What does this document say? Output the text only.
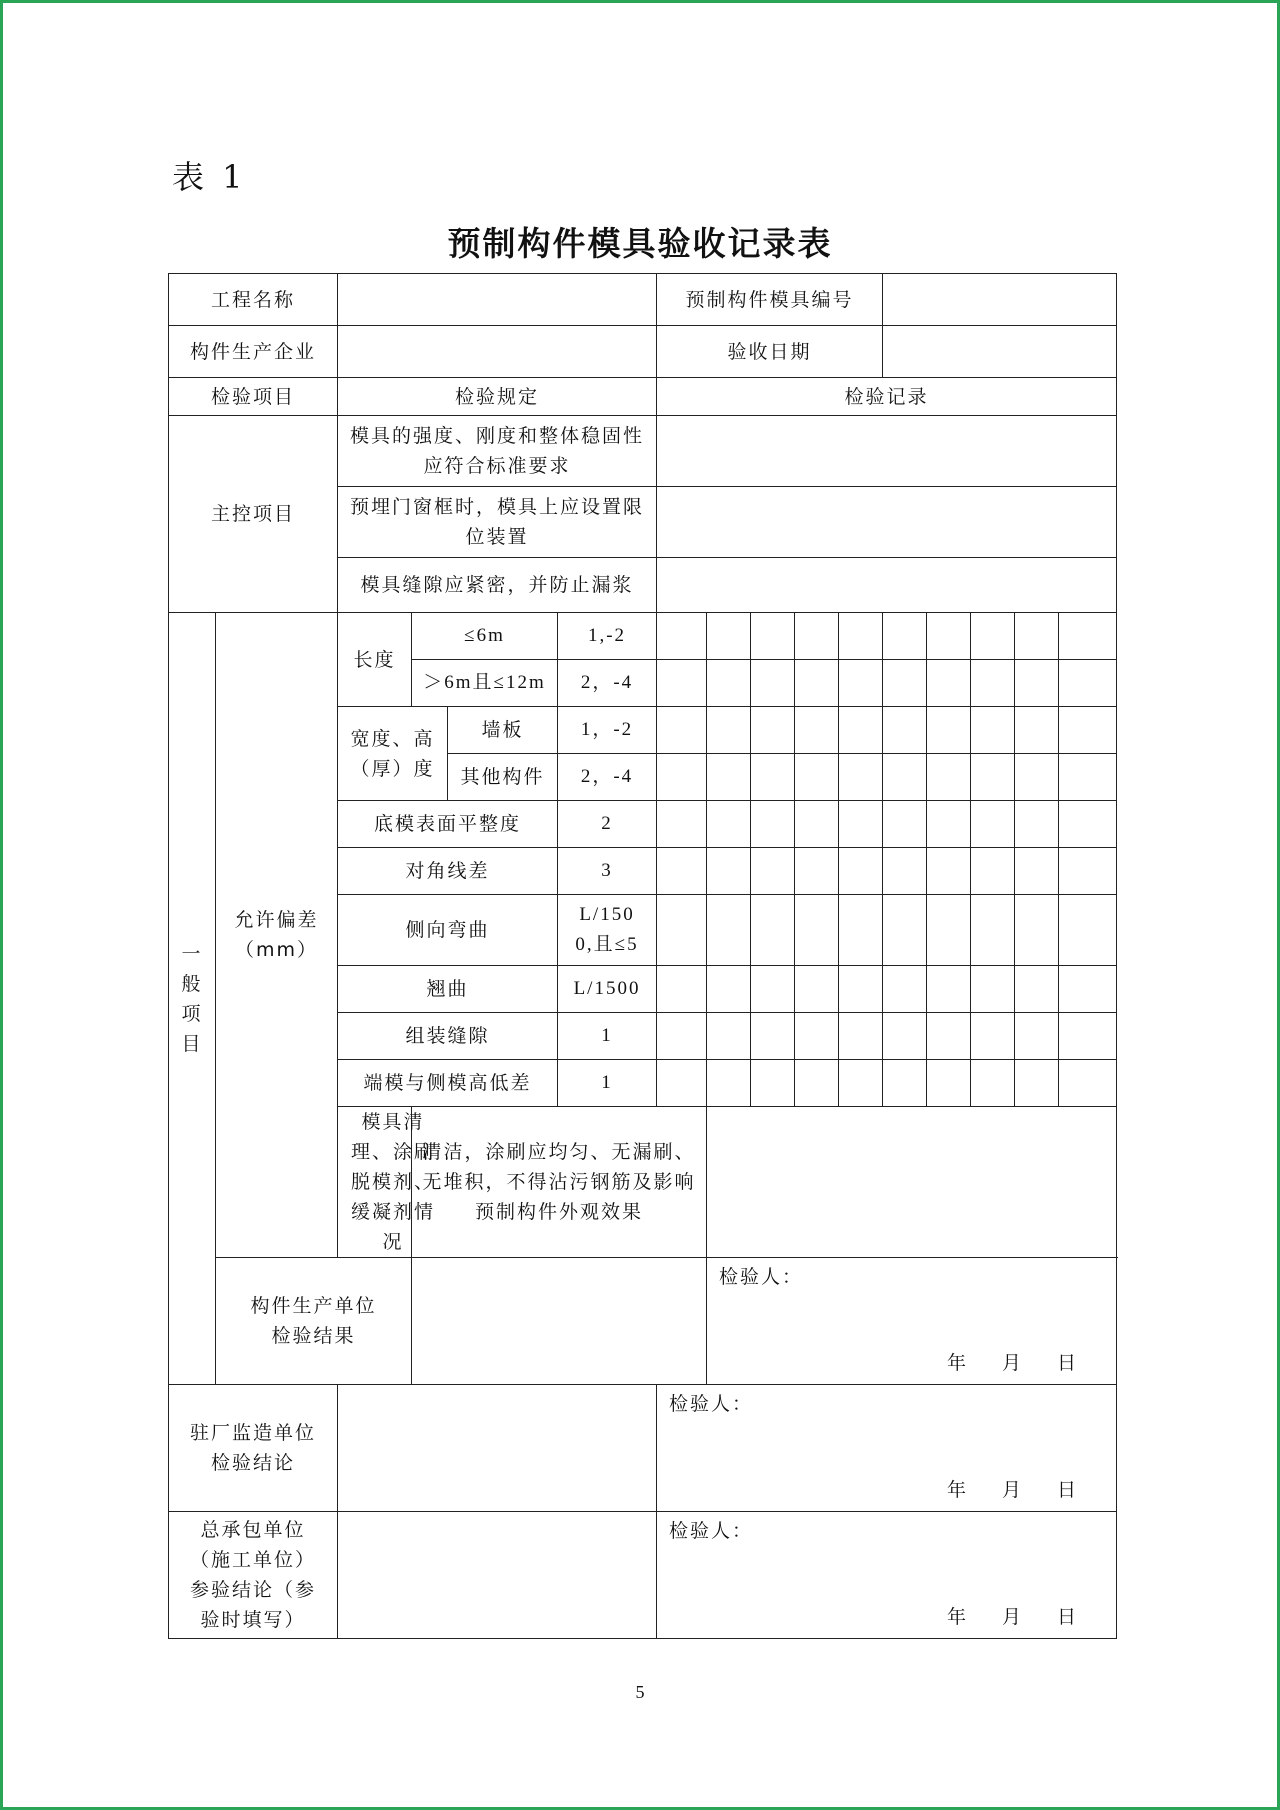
表 1
预制构件模具验收记录表
工程名称						预制构件模具编号									
构件生产企业						验收日期									
检验项目		检验规定				检验记录									
主控项目		模具的强度、刚度和整体稳固性应符合标准要求													
		预埋门窗框时，模具上应设置限位装置													
		模具缝隙应紧密，并防止漏浆													
一般项目	允许偏差（mm）	长度	≤6m		1,-2										
			＞6m且≤12m		2，-4										
		宽度、高（厚）度		墙板	1，-2										
				其他构件	2，-4										
		底模表面平整度			2										
		对角线差			3										
		侧向弯曲			L/1500,且≤5										
		翘曲			L/1500										
		组装缝隙			1										
		端模与侧模高低差			1										
		模具清理、涂刷脱模剂、缓凝剂情况	清洁，涂刷应均匀、无漏刷、无堆积，不得沾污钢筋及影响预制构件外观效果												
	构件生产单位检验结果						检验人：
年 月 日								

驻厂监造单位检验结论						检验人：
年 月 日									

总承包单位（施工单位）参验结论（参验时填写）						检验人：
年 月 日									
5
